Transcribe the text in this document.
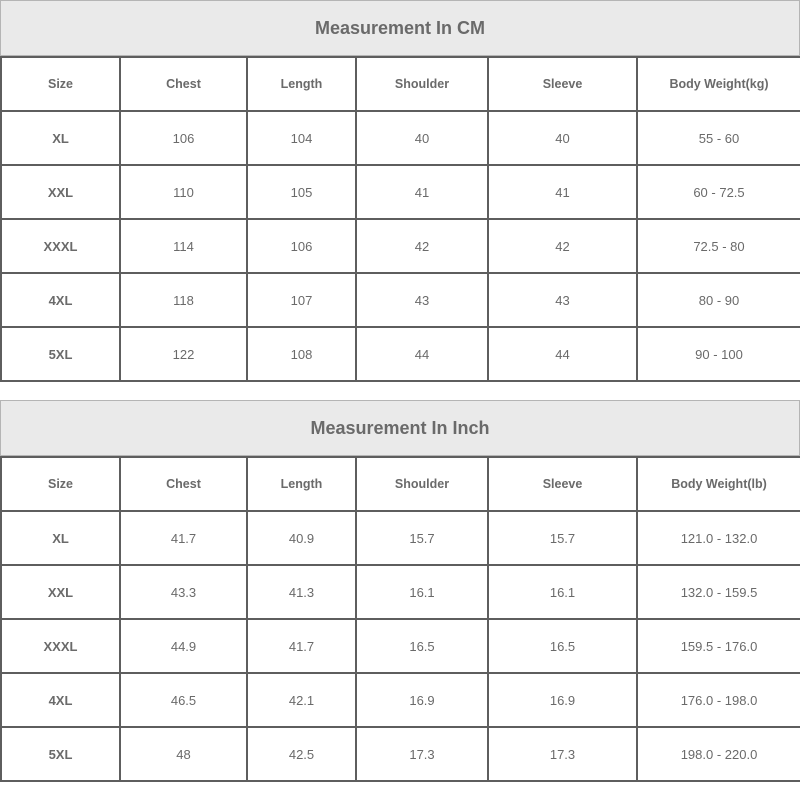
Measurement In CM
Size	Chest	Length	Shoulder	Sleeve	Body Weight(kg)
XL	106	104	40	40	55 - 60
XXL	110	105	41	41	60 - 72.5
XXXL	114	106	42	42	72.5 - 80
4XL	118	107	43	43	80 - 90
5XL	122	108	44	44	90 - 100
Measurement In Inch
Size	Chest	Length	Shoulder	Sleeve	Body Weight(lb)
XL	41.7	40.9	15.7	15.7	121.0 - 132.0
XXL	43.3	41.3	16.1	16.1	132.0 - 159.5
XXXL	44.9	41.7	16.5	16.5	159.5 - 176.0
4XL	46.5	42.1	16.9	16.9	176.0 - 198.0
5XL	48	42.5	17.3	17.3	198.0 - 220.0
